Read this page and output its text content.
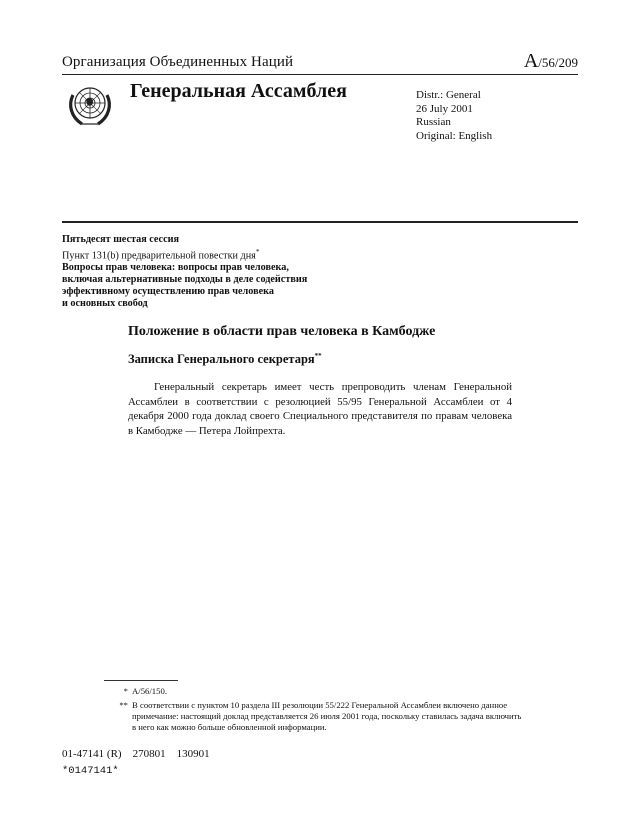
Организация Объединенных Наций	A/56/209
Генеральная Ассамблея	Distr.: General
26 July 2001
Russian
Original: English
Пятьдесят шестая сессия
Пункт 131(b) предварительной повестки дня*
Вопросы прав человека: вопросы прав человека,
включая альтернативные подходы в деле содействия
эффективному осуществлению прав человека
и основных свобод
Положение в области прав человека в Камбодже
Записка Генерального секретаря**
Генеральный секретарь имеет честь препроводить членам Генеральной Ассамблеи в соответствии с резолюцией 55/95 Генеральной Ассамблеи от 4 декабря 2000 года доклад своего Специального представителя по правам человека в Камбодже — Петера Лойпрехта.
* A/56/150.
** В соответствии с пунктом 10 раздела III резолюции 55/222 Генеральной Ассамблеи включено данное примечание: настоящий доклад представляется 26 июля 2001 года, поскольку ставилась задача включить в него как можно больше обновленной информации.
01-47141 (R)    270801    130901
*0147141*
